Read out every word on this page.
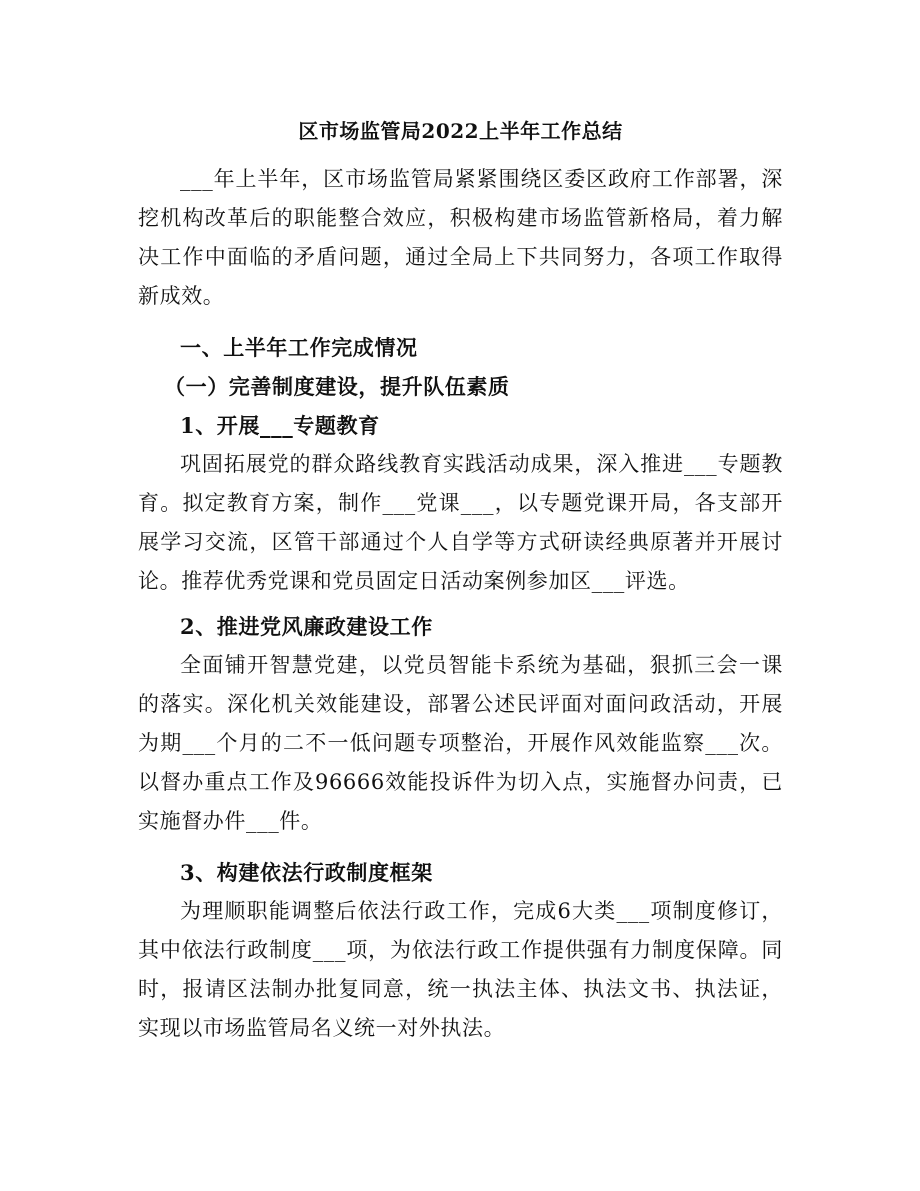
区市场监管局2022上半年工作总结

___年上半年，区市场监管局紧紧围绕区委区政府工作部署，深挖机构改革后的职能整合效应，积极构建市场监管新格局，着力解决工作中面临的矛盾问题，通过全局上下共同努力，各项工作取得新成效。

一、上半年工作完成情况
（一）完善制度建设，提升队伍素质
1、开展___专题教育

巩固拓展党的群众路线教育实践活动成果，深入推进___专题教育。拟定教育方案，制作___党课___，以专题党课开局，各支部开展学习交流，区管干部通过个人自学等方式研读经典原著并开展讨论。推荐优秀党课和党员固定日活动案例参加区___评选。

2、推进党风廉政建设工作

全面铺开智慧党建，以党员智能卡系统为基础，狠抓三会一课的落实。深化机关效能建设，部署公述民评面对面问政活动，开展为期___个月的二不一低问题专项整治，开展作风效能监察___次。以督办重点工作及96666效能投诉件为切入点，实施督办问责，已实施督办件___件。

3、构建依法行政制度框架

为理顺职能调整后依法行政工作，完成6大类___项制度修订，其中依法行政制度___项，为依法行政工作提供强有力制度保障。同时，报请区法制办批复同意，统一执法主体、执法文书、执法证，实现以市场监管局名义统一对外执法。
